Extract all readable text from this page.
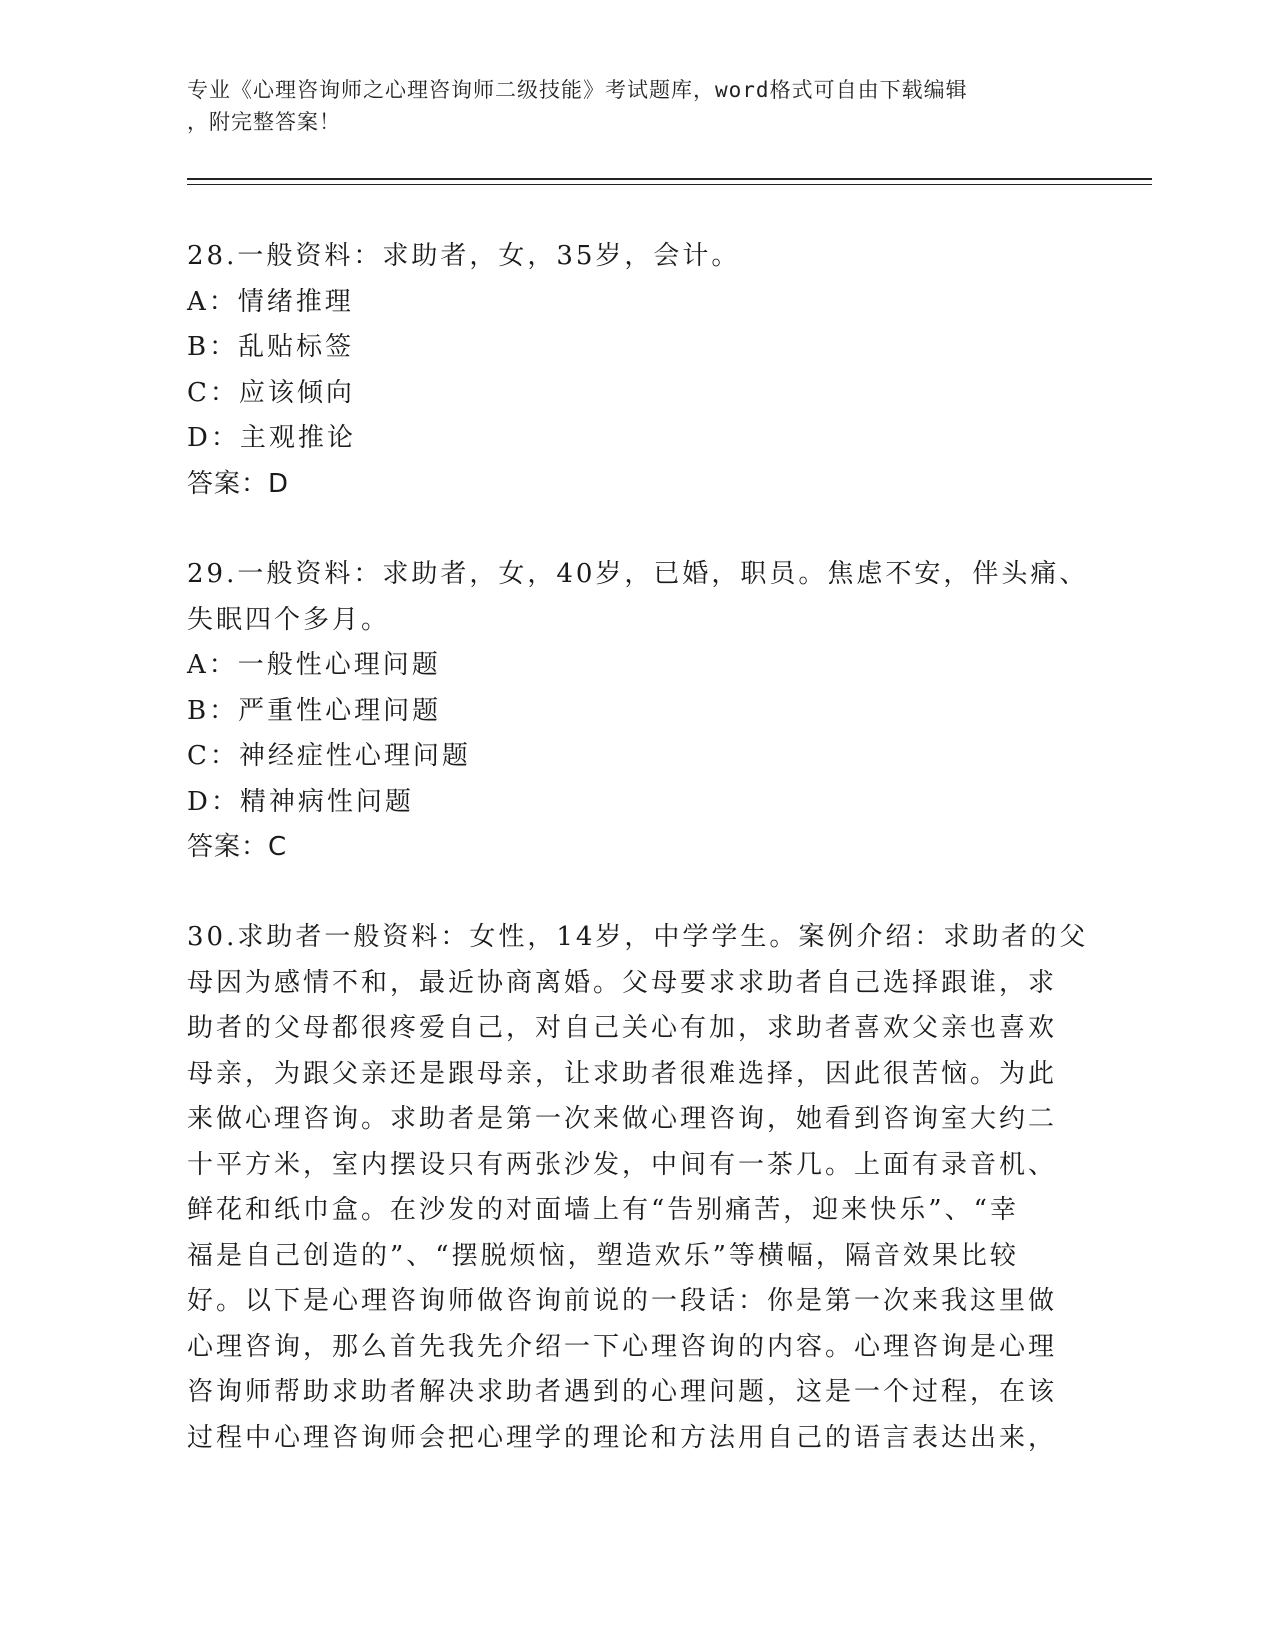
专业《心理咨询师之心理咨询师二级技能》考试题库，word格式可自由下载编辑
，附完整答案！
28.一般资料：求助者，女，35岁，会计。
A：情绪推理
B：乱贴标签
C：应该倾向
D：主观推论
答案：D
29.一般资料：求助者，女，40岁，已婚，职员。焦虑不安，伴头痛、
失眠四个多月。
A：一般性心理问题
B：严重性心理问题
C：神经症性心理问题
D：精神病性问题
答案：C
30.求助者一般资料：女性，14岁，中学学生。案例介绍：求助者的父
母因为感情不和，最近协商离婚。父母要求求助者自己选择跟谁，求
助者的父母都很疼爱自己，对自己关心有加，求助者喜欢父亲也喜欢
母亲，为跟父亲还是跟母亲，让求助者很难选择，因此很苦恼。为此
来做心理咨询。求助者是第一次来做心理咨询，她看到咨询室大约二
十平方米，室内摆设只有两张沙发，中间有一茶几。上面有录音机、
鲜花和纸巾盒。在沙发的对面墙上有“告别痛苦，迎来快乐”、“幸
福是自己创造的”、“摆脱烦恼，塑造欢乐”等横幅，隔音效果比较
好。以下是心理咨询师做咨询前说的一段话：你是第一次来我这里做
心理咨询，那么首先我先介绍一下心理咨询的内容。心理咨询是心理
咨询师帮助求助者解决求助者遇到的心理问题，这是一个过程，在该
过程中心理咨询师会把心理学的理论和方法用自己的语言表达出来，
